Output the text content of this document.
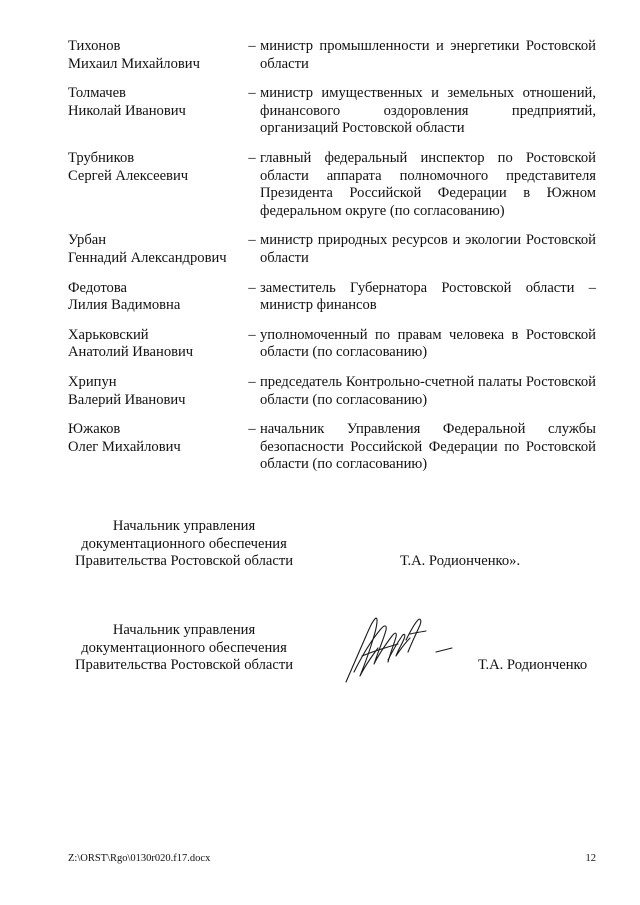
Тихонов
Михаил Михайлович
– министр промышленности и энергетики Ростовской области
Толмачев
Николай Иванович
– министр имущественных и земельных отношений, финансового оздоровления предприятий, организаций Ростовской области
Трубников
Сергей Алексеевич
– главный федеральный инспектор по Ростовской области аппарата полномочного представителя Президента Российской Федерации в Южном федеральном округе (по согласованию)
Урбан
Геннадий Александрович
– министр природных ресурсов и экологии Ростовской области
Федотова
Лилия Вадимовна
– заместитель Губернатора Ростовской области – министр финансов
Харьковский
Анатолий Иванович
– уполномоченный по правам человека в Ростовской области (по согласованию)
Хрипун
Валерий Иванович
– председатель Контрольно-счетной палаты Ростовской области (по согласованию)
Южаков
Олег Михайлович
– начальник Управления Федеральной службы безопасности Российской Федерации по Ростовской области (по согласованию)
Начальник управления
документационного обеспечения
Правительства Ростовской области	Т.А. Родионченко».
Начальник управления
документационного обеспечения
Правительства Ростовской области	Т.А. Родионченко
Z:\ORST\Rgo\0130r020.f17.docx	12
